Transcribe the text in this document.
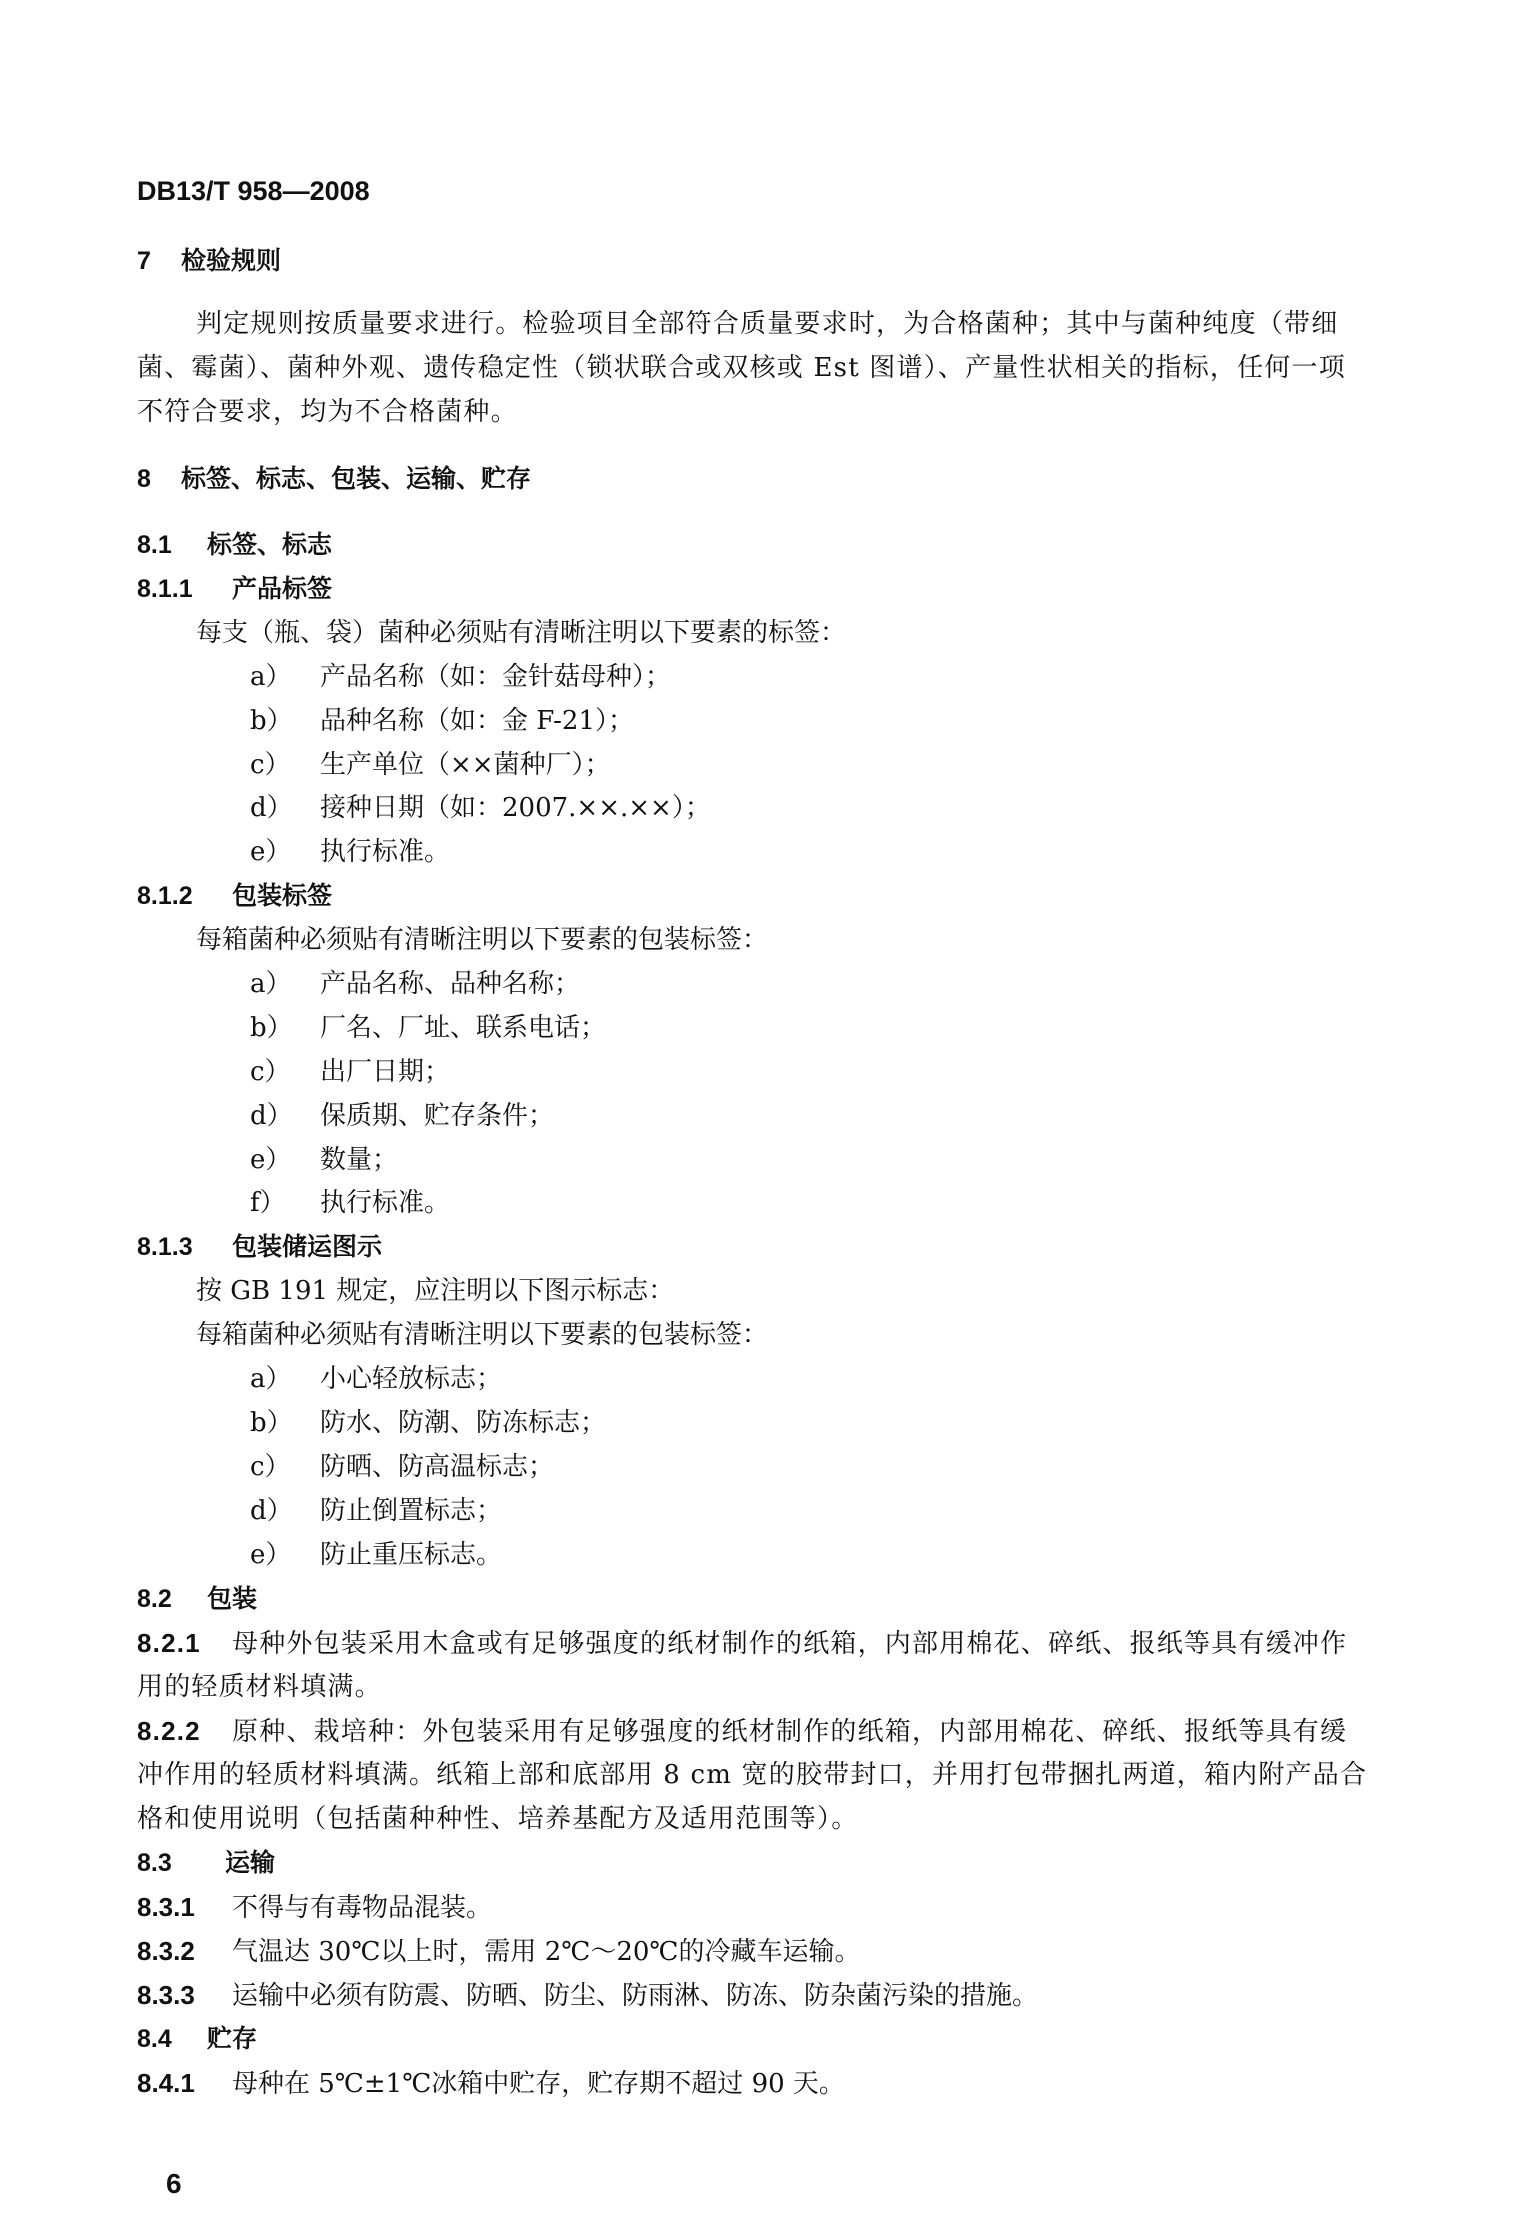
DB13/T 958—2008
7 检验规则
判定规则按质量要求进行。检验项目全部符合质量要求时，为合格菌种；其中与菌种纯度（带细
菌、霉菌）、菌种外观、遗传稳定性（锁状联合或双核或 Est 图谱）、产量性状相关的指标，任何一项
不符合要求，均为不合格菌种。
8 标签、标志、包装、运输、贮存
8.1 标签、标志
8.1.1 产品标签
每支（瓶、袋）菌种必须贴有清晰注明以下要素的标签：
a） 产品名称（如：金针菇母种）；
b） 品种名称（如：金 F-21）；
c） 生产单位（××菌种厂）；
d） 接种日期（如：2007.××.××）；
e） 执行标准。
8.1.2 包装标签
每箱菌种必须贴有清晰注明以下要素的包装标签：
a） 产品名称、品种名称；
b） 厂名、厂址、联系电话；
c） 出厂日期；
d） 保质期、贮存条件；
e） 数量；
f） 执行标准。
8.1.3 包装储运图示
按 GB 191 规定，应注明以下图示标志：
每箱菌种必须贴有清晰注明以下要素的包装标签：
a） 小心轻放标志；
b） 防水、防潮、防冻标志；
c） 防晒、防高温标志；
d） 防止倒置标志；
e） 防止重压标志。
8.2 包装
8.2.1 母种外包装采用木盒或有足够强度的纸材制作的纸箱，内部用棉花、碎纸、报纸等具有缓冲作
用的轻质材料填满。
8.2.2 原种、栽培种：外包装采用有足够强度的纸材制作的纸箱，内部用棉花、碎纸、报纸等具有缓
冲作用的轻质材料填满。纸箱上部和底部用 8 cm 宽的胶带封口，并用打包带捆扎两道，箱内附产品合
格和使用说明（包括菌种种性、培养基配方及适用范围等）。
8.3 运输
8.3.1 不得与有毒物品混装。
8.3.2 气温达 30℃以上时，需用 2℃～20℃的冷藏车运输。
8.3.3 运输中必须有防震、防晒、防尘、防雨淋、防冻、防杂菌污染的措施。
8.4 贮存
8.4.1 母种在 5℃±1℃冰箱中贮存，贮存期不超过 90 天。
6
